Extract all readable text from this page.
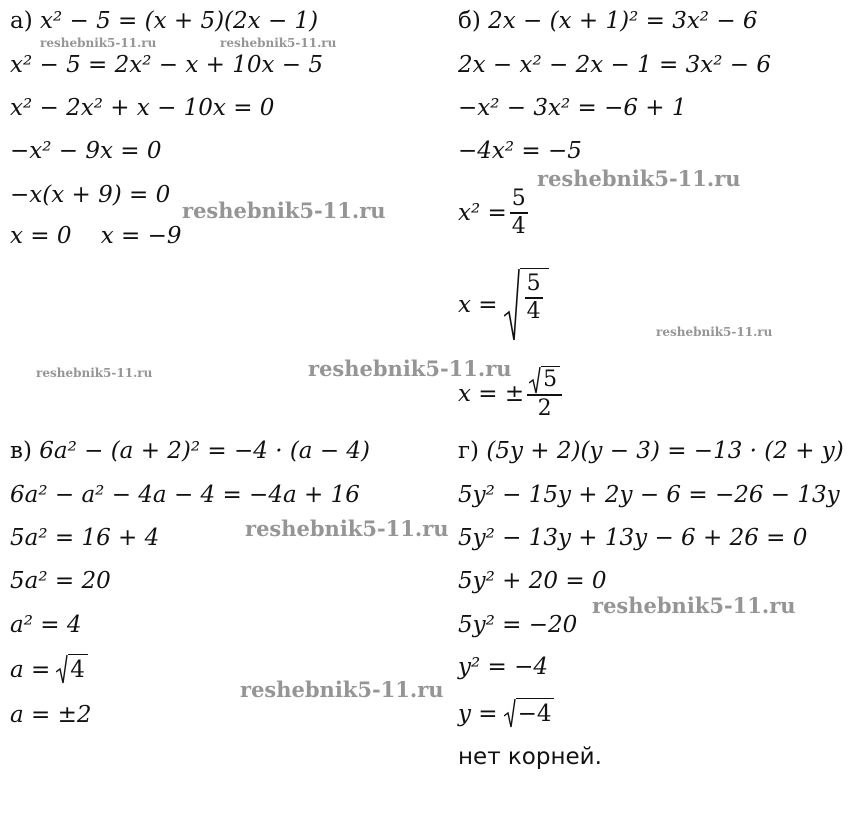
а) x² − 5 = (x + 5)(2x − 1)
x² − 5 = 2x² − x + 10x − 5
x² − 2x² + x − 10x = 0
−x² − 9x = 0
−x(x + 9) = 0
x = 0    x = −9
б) 2x − (x + 1)² = 3x² − 6
2x − x² − 2x − 1 = 3x² − 6
−x² − 3x² = −6 + 1
−4x² = −5
$x^2 = \frac{5}{4}$
$x = \frac{5}{4}$
x = ± $\frac{5}{2}$
в) 6a² − (a + 2)² = −4 · (a − 4)
6a² − a² − 4a − 4 = −4a + 16
5a² = 16 + 4
5a² = 20
a² = 4
a = 4
a = ±2
г) (5y + 2)(y − 3) = −13 · (2 + y)
5y² − 15y + 2y − 6 = −26 − 13y
5y² − 13y + 13y − 6 + 26 = 0
5y² + 20 = 0
5y² = −20
y² = −4
y = −4
нет корней.
reshebnik5-11.ru	reshebnik5-11.ru
reshebnik5-11.ru
reshebnik5-11.ru
reshebnik5-11.ru
reshebnik5-11.ru	reshebnik5-11.ru
reshebnik5-11.ru
reshebnik5-11.ru
reshebnik5-11.ru
